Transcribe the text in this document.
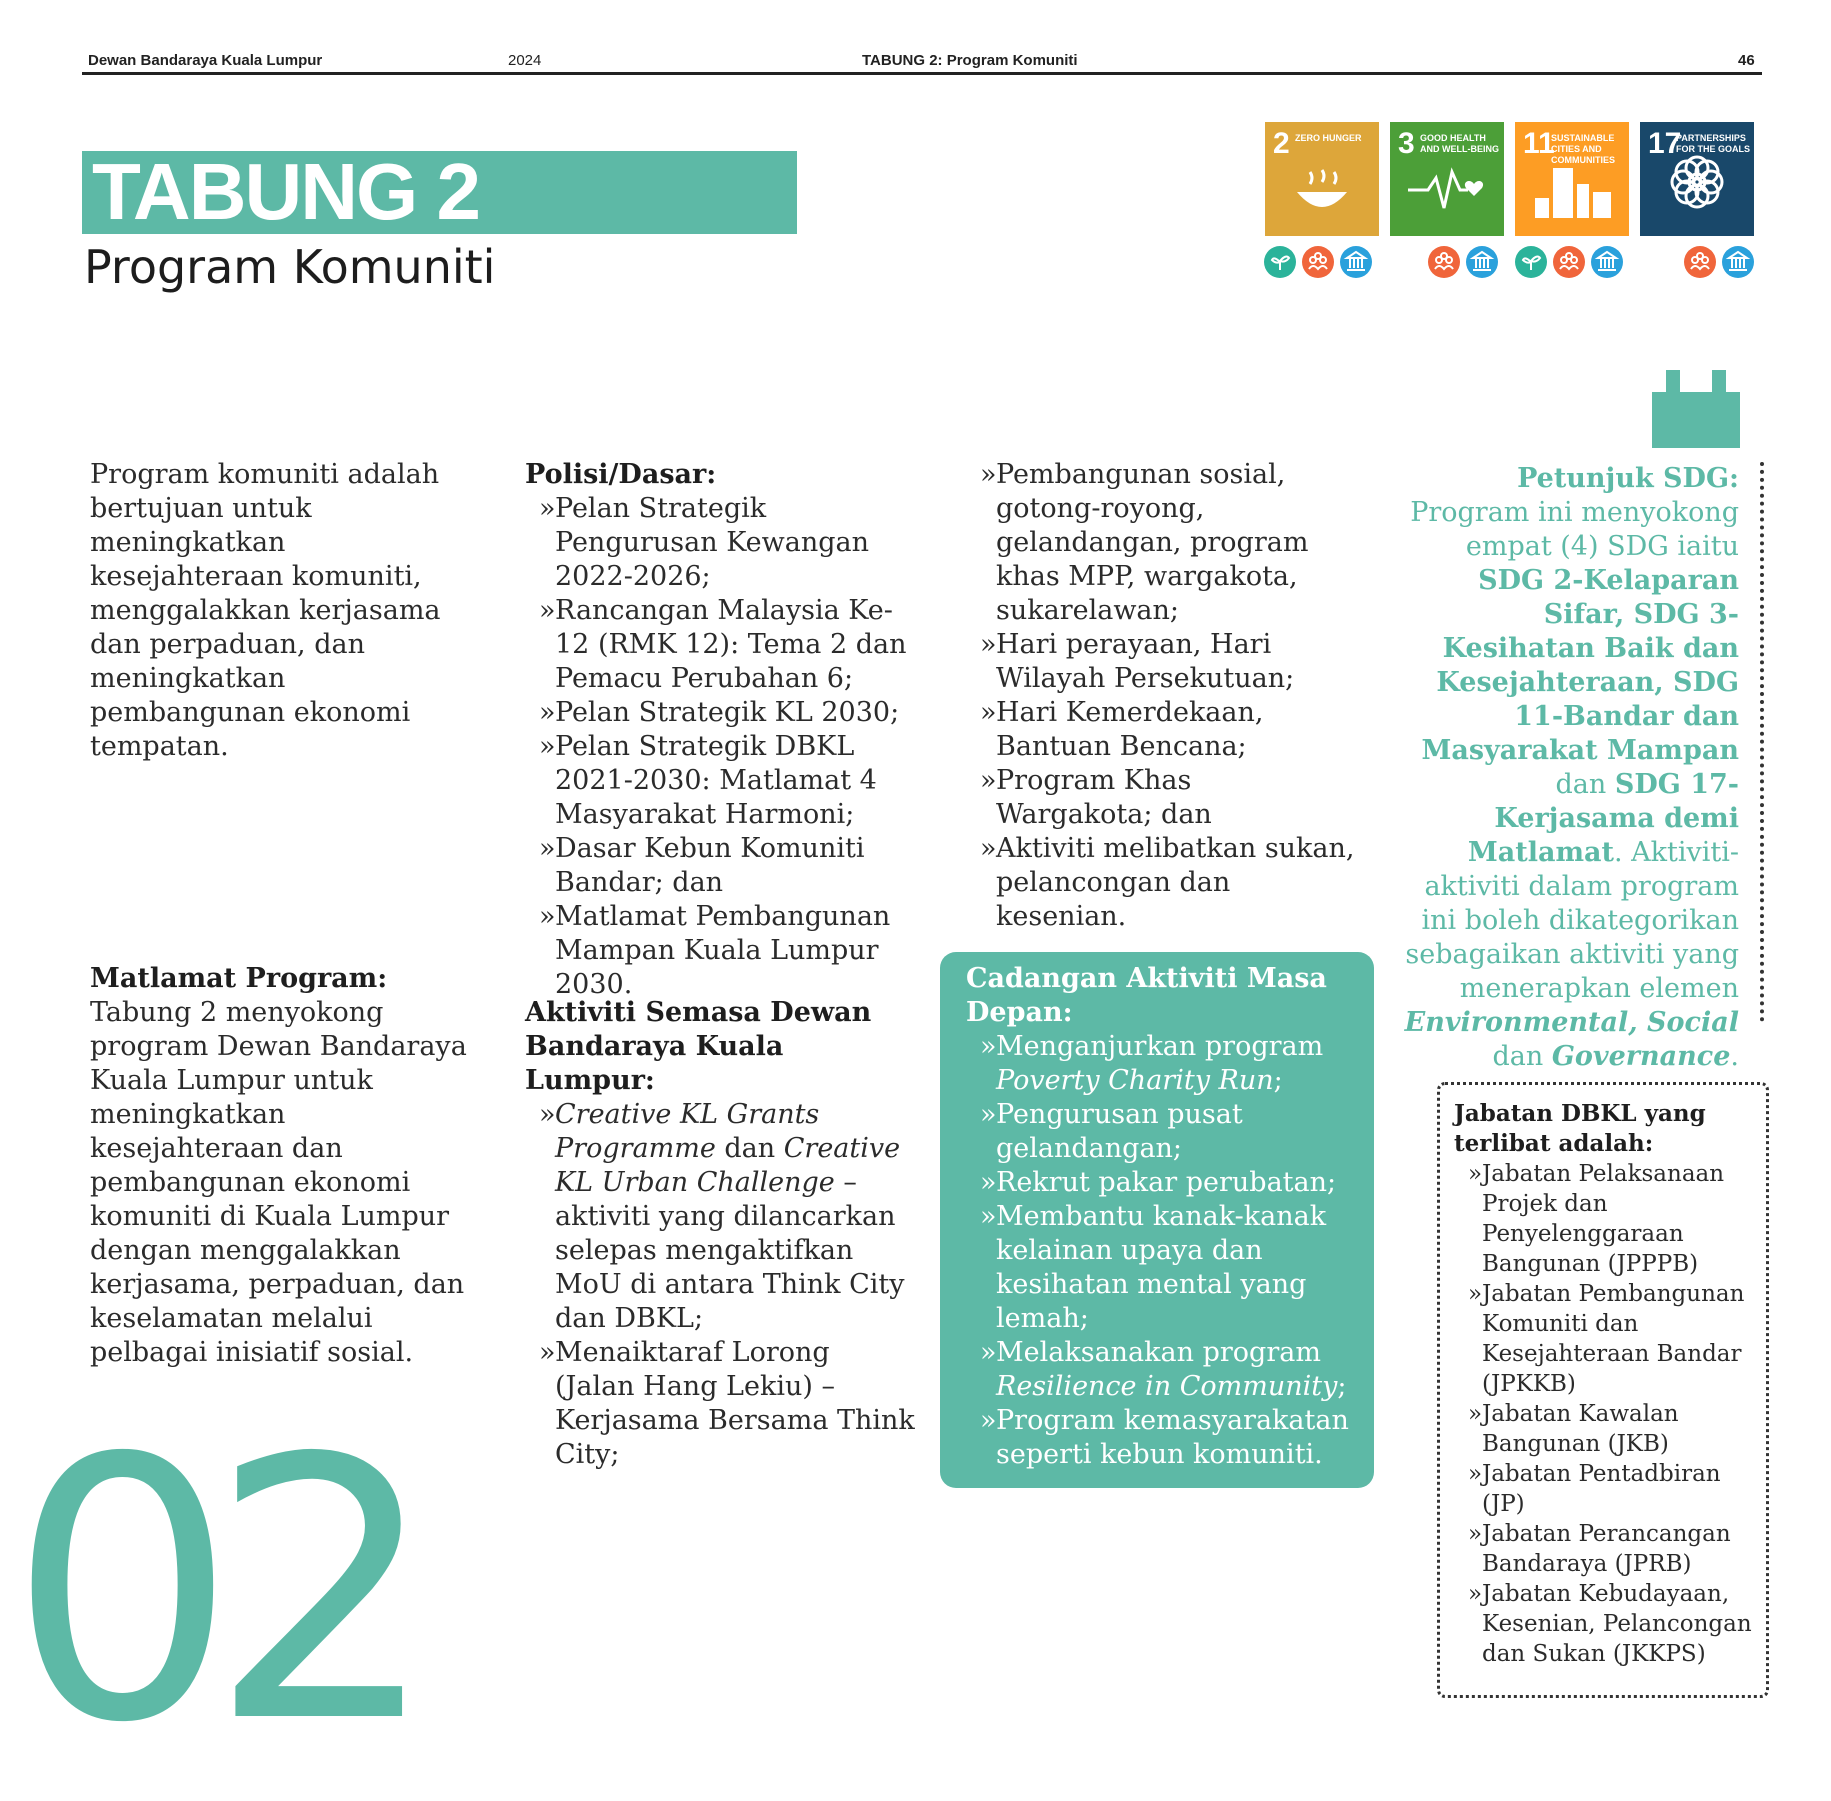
Dewan Bandaraya Kuala Lumpur	2024	TABUNG 2: Program Komuniti	46
TABUNG 2
Program Komuniti
2 ZERO HUNGER	3 GOOD HEALTH AND WELL-BEING 11
SUSTAINABLE CITIES AND COMMUNITIES	17
PARTNERSHIPS FOR THE GOALS

Program komuniti adalah bertujuan untuk meningkatkan kesejahteraan komuniti, menggalakkan kerjasama dan perpaduan, dan meningkatkan pembangunan ekonomi tempatan.

Matlamat Program:

Tabung 2 menyokong program Dewan Bandaraya Kuala Lumpur untuk meningkatkan kesejahteraan dan pembangunan ekonomi komuniti di Kuala Lumpur dengan menggalakkan kerjasama, perpaduan, dan keselamatan melalui pelbagai inisiatif sosial.

Polisi/Dasar:

» Pelan Strategik Pengurusan Kewangan 2022-2026;
» Rancangan Malaysia Ke-12 (RMK 12): Tema 2 dan Pemacu Perubahan 6;
» Pelan Strategik KL 2030;
» Pelan Strategik DBKL 2021-2030: Matlamat 4 Masyarakat Harmoni;
» Dasar Kebun Komuniti Bandar; dan
» Matlamat Pembangunan Mampan Kuala Lumpur 2030.

Aktiviti Semasa Dewan Bandaraya Kuala Lumpur:

» Creative KL Grants Programme dan Creative KL Urban Challenge – aktiviti yang dilancarkan selepas mengaktifkan MoU di antara Think City dan DBKL;
» Menaiktaraf Lorong (Jalan Hang Lekiu) – Kerjasama Bersama Think City;
» Pembangunan sosial, gotong-royong, gelandangan, program khas MPP, wargakota, sukarelawan;
» Hari perayaan, Hari Wilayah Persekutuan;
» Hari Kemerdekaan, Bantuan Bencana;
» Program Khas Wargakota; dan
» Aktiviti melibatkan sukan, pelancongan dan kesenian.

Cadangan Aktiviti Masa Depan:

» Menganjurkan program Poverty Charity Run;
» Pengurusan pusat gelandangan;
» Rekrut pakar perubatan;
» Membantu kanak-kanak kelainan upaya dan kesihatan mental yang lemah;
» Melaksanakan program Resilience in Community;
» Program kemasyarakatan seperti kebun komuniti.
Petunjuk SDG:
Program ini menyokong empat (4) SDG iaitu SDG 2-Kelaparan Sifar, SDG 3-Kesihatan Baik dan Kesejahteraan, SDG 11-Bandar dan Masyarakat Mampan dan SDG 17-Kerjasama demi Matlamat. Aktiviti-aktiviti dalam program ini boleh dikategorikan sebagaikan aktiviti yang menerapkan elemen Environmental, Social dan Governance.

Jabatan DBKL yang terlibat adalah:

» Jabatan Pelaksanaan Projek dan Penyelenggaraan Bangunan (JPPPB)
» Jabatan Pembangunan Komuniti dan Kesejahteraan Bandar (JPKKB)
» Jabatan Kawalan Bangunan (JKB)
» Jabatan Pentadbiran (JP)
» Jabatan Perancangan Bandaraya (JPRB)
» Jabatan Kebudayaan, Kesenian, Pelancongan dan Sukan (JKKPS)
02
